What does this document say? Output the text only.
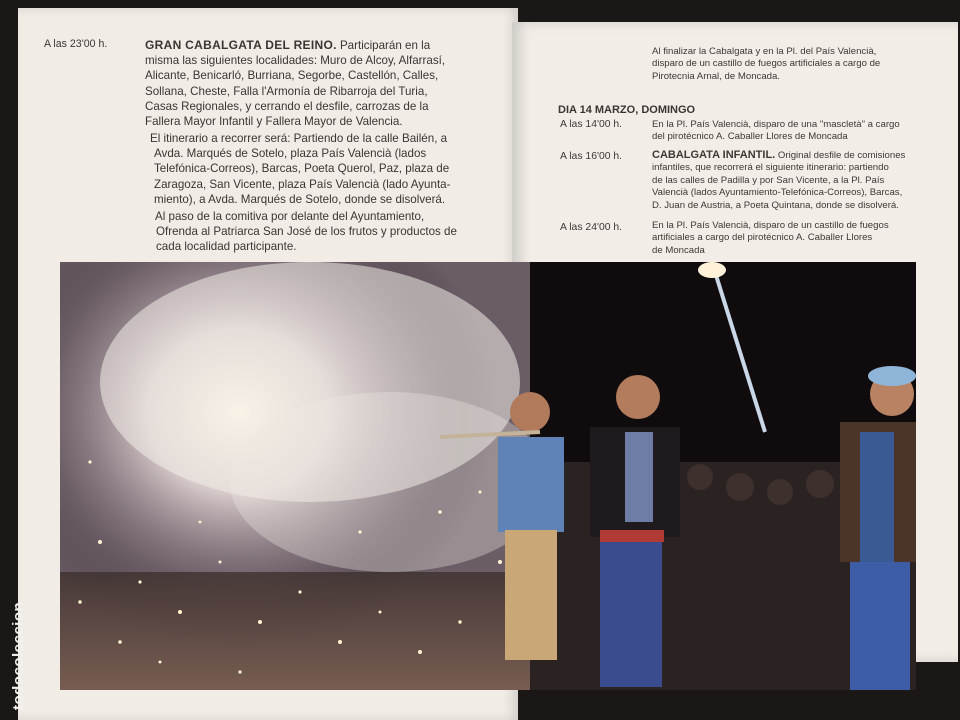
A las 23'00 h.	GRAN CABALGATA DEL REINO. Participarán en la
misma las siguientes localidades: Muro de Alcoy, Alfarrasí,
Alicante, Benicarló, Burriana, Segorbe, Castellón, Calles,
Sollana, Cheste, Falla l'Armonía de Ribarroja del Turia,
Casas Regionales, y cerrando el desfile, carrozas de la
Fallera Mayor Infantil y Fallera Mayor de Valencia.
El itinerario a recorrer será: Partiendo de la calle Bailén, a
Avda. Marqués de Sotelo, plaza País Valencià (lados
Telefónica-Correos), Barcas, Poeta Querol, Paz, plaza de
Zaragoza, San Vicente, plaza País Valencià (lado Ayunta-
miento), a Avda. Marqués de Sotelo, donde se disolverá.
Al paso de la comitiva por delante del Ayuntamiento,
Ofrenda al Patriarca San José de los frutos y productos de
cada localidad participante.
Al finalizar la Cabalgata y en la Pl. del País Valencià,
disparo de un castillo de fuegos artificiales a cargo de
Pirotecnia Arnal, de Moncada.
DIA 14 MARZO, DOMINGO
A las 14'00 h.	En la Pl. País Valencià, disparo de una "mascletà" a cargo
del pirotécnico A. Caballer Llores de Moncada
A las 16'00 h.	CABALGATA INFANTIL. Original desfile de comisiones
infantiles, que recorrerá el siguiente itinerario: partiendo
de las calles de Padilla y por San Vicente, a la Pl. País
Valencià (lados Ayuntamiento-Telefónica-Correos), Barcas,
D. Juan de Austria, a Poeta Quintana, donde se disolverá.
A las 24'00 h.	En la Pl. País Valencià, disparo de un castillo de fuegos
artificiales a cargo del pirotécnico A. Caballer Llores
de Moncada
todocoleccion
